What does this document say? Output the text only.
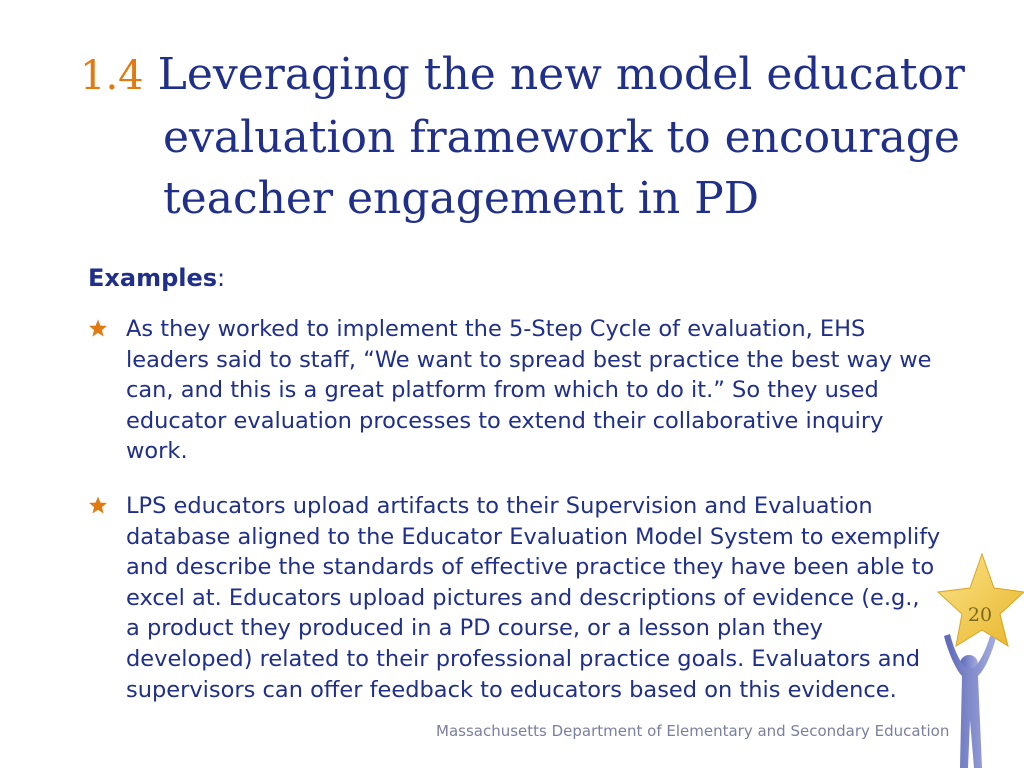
1.4 Leveraging the new model educator
evaluation framework to encourage
teacher engagement in PD
Examples:
As they worked to implement the 5-Step Cycle of evaluation, EHS
leaders said to staff, “We want to spread best practice the best way we
can, and this is a great platform from which to do it.” So they used
educator evaluation processes to extend their collaborative inquiry
work.
LPS educators upload artifacts to their Supervision and Evaluation
database aligned to the Educator Evaluation Model System to exemplify
and describe the standards of effective practice they have been able to
excel at. Educators upload pictures and descriptions of evidence (e.g.,
a product they produced in a PD course, or a lesson plan they
developed) related to their professional practice goals. Evaluators and
supervisors can offer feedback to educators based on this evidence.
Massachusetts Department of Elementary and Secondary Education
20
